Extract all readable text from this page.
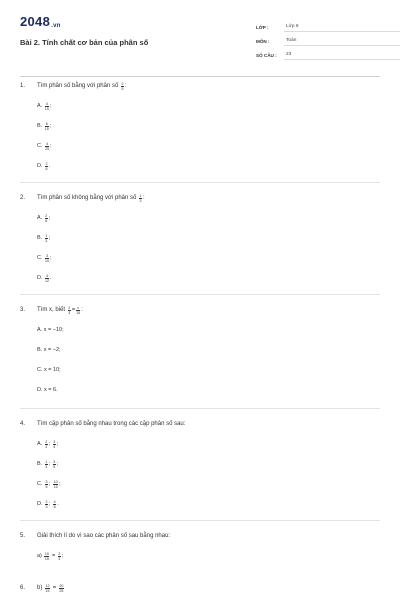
2048.vn
Bài 2. Tính chất cơ bản của phân số
LỚP :	Lớp 6
MÔN :	Toán
SỐ CÂU :	23
1.	Tìm phân số bằng với phân số
$\frac{2}{5}$ :
A.
$\frac{4}{15}$ ;
B.
$\frac{6}{15}$ ;
C.
$\frac{4}{25}$ ;
D.
$\frac{2}{6}$ .
2.	Tìm phân số không bằng với phân số
$\frac{1}{3}$ :
A.
$\frac{2}{6}$ ;
B.
$\frac{1}{3}$ ;
C.
$\frac{3}{10}$ ;
D.
$\frac{4}{12}$ .
3.	Tìm x, biết
$\frac{2}{3} = \frac{x}{15}$ :
A.
x = −10;
B.
x = −2;
C.
x = 10;
D.
x = 6.
4.	Tìm cặp phân số bằng nhau trong các cặp phân số sau:
A.
$\frac{2}{3}$ ;
$\frac{3}{4}$ ;
B.
$\frac{1}{3}$ ;
$\frac{3}{9}$ ;
C.
$\frac{3}{5}$ ;
$\frac{10}{15}$ ;
D.
$\frac{2}{3}$ ;
$\frac{4}{6}$ .
5.	Giải thích lí do vì sao các phân số sau bằng nhau:
a)
$\frac{10}{15}$
=
$\frac{2}{3}$ ;
6.	b)
$\frac{12}{15}$
=
$\frac{20}{25}$
